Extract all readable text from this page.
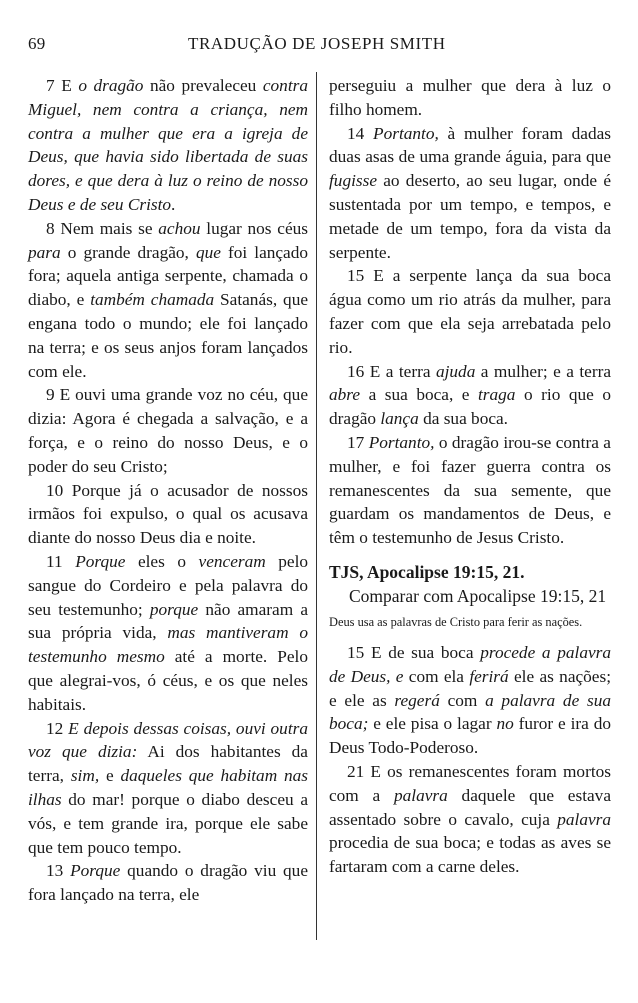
69	TRADUÇÃO DE JOSEPH SMITH

7 E o dragão não prevaleceu contra Miguel, nem contra a criança, nem contra a mulher que era a igreja de Deus, que havia sido libertada de suas dores, e que dera à luz o reino de nosso Deus e de seu Cristo.

8 Nem mais se achou lugar nos céus para o grande dragão, que foi lançado fora; aquela antiga serpente, chamada o diabo, e também chamada Satanás, que engana todo o mundo; ele foi lançado na terra; e os seus anjos foram lançados com ele.

9 E ouvi uma grande voz no céu, que dizia: Agora é chegada a salvação, e a força, e o reino do nosso Deus, e o poder do seu Cristo;

10 Porque já o acusador de nossos irmãos foi expulso, o qual os acusava diante do nosso Deus dia e noite.

11 Porque eles o venceram pelo sangue do Cordeiro e pela palavra do seu testemunho; porque não amaram a sua própria vida, mas mantiveram o testemunho mesmo até a morte. Pelo que alegrai-vos, ó céus, e os que neles habitais.

12 E depois dessas coisas, ouvi outra voz que dizia: Ai dos habitantes da terra, sim, e daqueles que habitam nas ilhas do mar! porque o diabo desceu a vós, e tem grande ira, porque ele sabe que tem pouco tempo.

13 Porque quando o dragão viu que fora lançado na terra, ele

perseguiu a mulher que dera à luz o filho homem.

14 Portanto, à mulher foram dadas duas asas de uma grande águia, para que fugisse ao deserto, ao seu lugar, onde é sustentada por um tempo, e tempos, e metade de um tempo, fora da vista da serpente.

15 E a serpente lança da sua boca água como um rio atrás da mulher, para fazer com que ela seja arrebatada pelo rio.

16 E a terra ajuda a mulher; e a terra abre a sua boca, e traga o rio que o dragão lança da sua boca.

17 Portanto, o dragão irou-se contra a mulher, e foi fazer guerra contra os remanescentes da sua semente, que guardam os mandamentos de Deus, e têm o testemunho de Jesus Cristo.

TJS, Apocalipse 19:15, 21.
Comparar com Apocalipse 19:15, 21
Deus usa as palavras de Cristo para ferir as nações.

15 E de sua boca procede a palavra de Deus, e com ela ferirá ele as nações; e ele as regerá com a palavra de sua boca; e ele pisa o lagar no furor e ira do Deus Todo-Poderoso.

21 E os remanescentes foram mortos com a palavra daquele que estava assentado sobre o cavalo, cuja palavra procedia de sua boca; e todas as aves se fartaram com a carne deles.
